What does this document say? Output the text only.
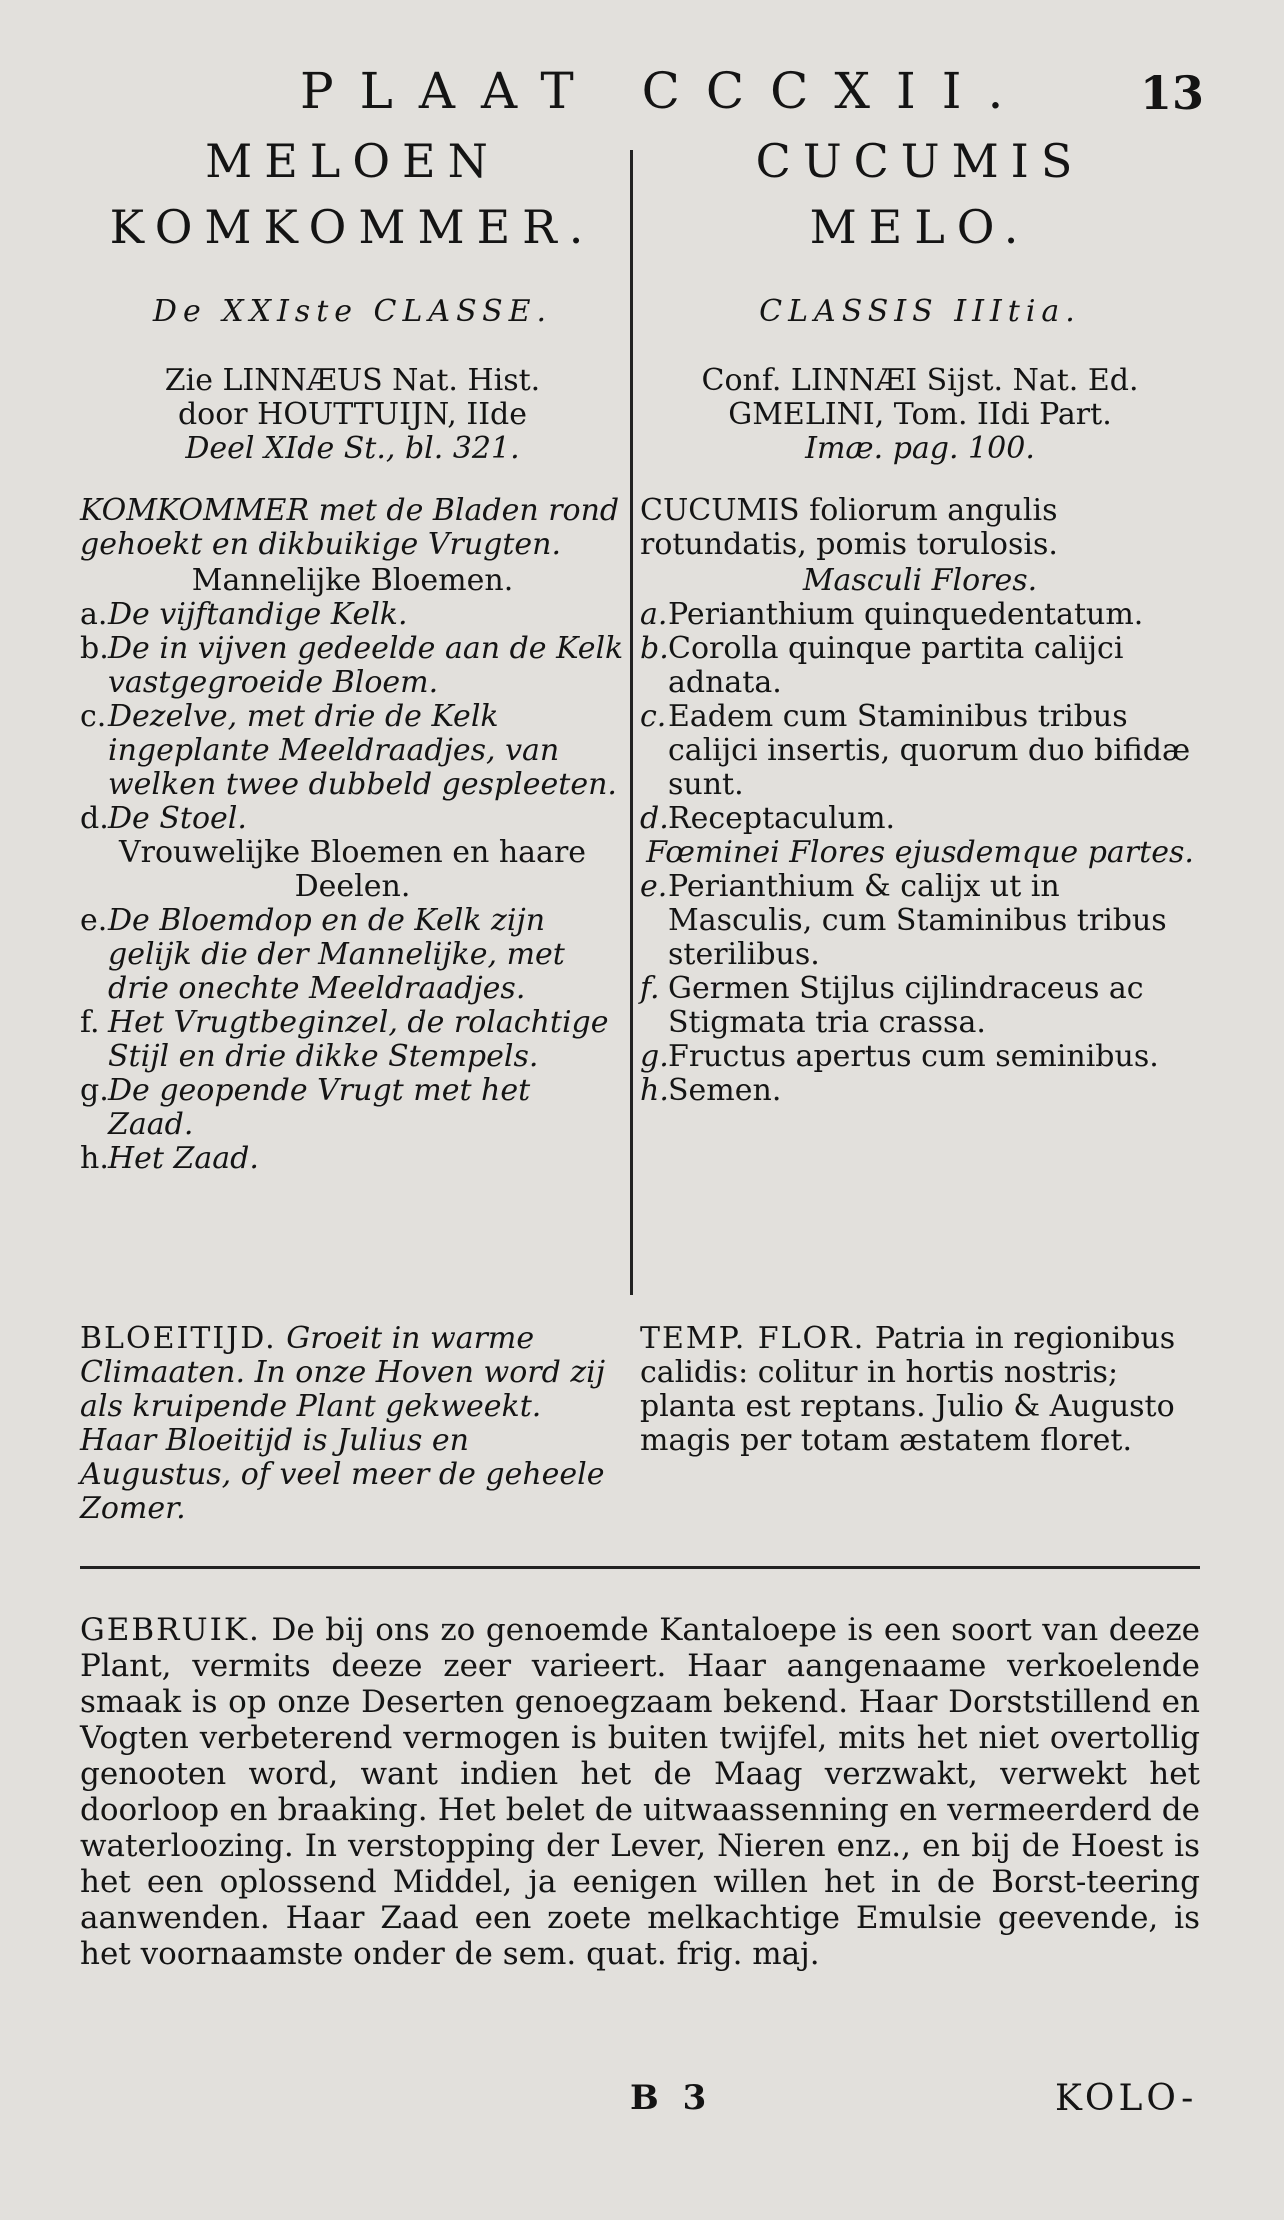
PLAAT CCCXII. 13
MELOEN
KOMKOMMER.
De XXIste CLASSE.
Zie LINNÆUS Nat. Hist.
door HOUTTUIJN, IIde
Deel XIde St., bl. 321.
KOMKOMMER met de Bladen rond gehoekt en dikbuikige Vrugten.
Mannelijke Bloemen.
a. De vijftandige Kelk.
b. De in vijven gedeelde aan de Kelk vastgegroeide Bloem.
c. Dezelve, met drie de Kelk ingeplante Meeldraadjes, van welken twee dubbeld gespleeten.
d. De Stoel.
Vrouwelijke Bloemen en haare Deelen.
e. De Bloemdop en de Kelk zijn gelijk die der Mannelijke, met drie onechte Meeldraadjes.
f. Het Vrugtbeginzel, de rolachtige Stijl en drie dikke Stempels.
g. De geopende Vrugt met het Zaad.
h. Het Zaad.
CUCUMIS
MELO.
CLASSIS IIItia.
Conf. LINNÆI Sijst. Nat. Ed.
GMELINI, Tom. IIdi Part.
Imæ. pag. 100.
CUCUMIS foliorum angulis rotundatis, pomis torulosis.
Masculi Flores.
a. Perianthium quinquedentatum.
b. Corolla quinque partita calijci adnata.
c. Eadem cum Staminibus tribus calijci insertis, quorum duo bifidæ sunt.
d. Receptaculum.
Fœminei Flores ejusdemque partes.
e. Perianthium & calijx ut in Masculis, cum Staminibus tribus sterilibus.
f. Germen Stijlus cijlindraceus ac Stigmata tria crassa.
g. Fructus apertus cum seminibus.
h. Semen.
BLOEITIJD. Groeit in warme Climaaten. In onze Hoven word zij als kruipende Plant gekweekt. Haar Bloeitijd is Julius en Augustus, of veel meer de geheele Zomer.
TEMP. FLOR. Patria in regionibus calidis: colitur in hortis nostris; planta est reptans. Julio & Augusto magis per totam æstatem floret.
GEBRUIK. De bij ons zo genoemde Kantaloepe is een soort van deeze Plant, vermits deeze zeer varieert. Haar aangenaame verkoelende smaak is op onze Deserten genoegzaam bekend. Haar Dorststillend en Vogten verbeterend vermogen is buiten twijfel, mits het niet overtollig genooten word, want indien het de Maag verzwakt, verwekt het doorloop en braaking. Het belet de uitwaassenning en vermeerderd de waterloozing. In verstopping der Lever, Nieren enz., en bij de Hoest is het een oplossend Middel, ja eenigen willen het in de Borst-teering aanwenden. Haar Zaad een zoete melkachtige Emulsie geevende, is het voornaamste onder de sem. quat. frig. maj.
B 3	KOLO-
